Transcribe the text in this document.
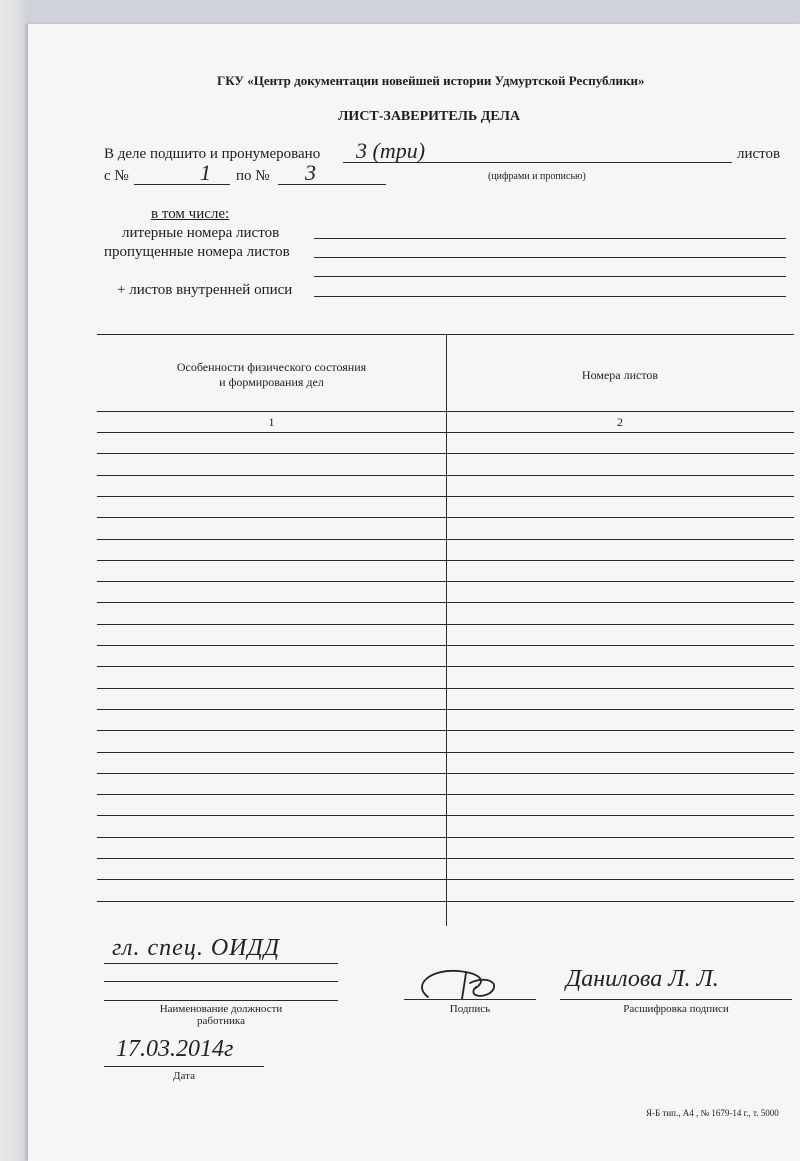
ГКУ «Центр документации новейшей истории Удмуртской Республики»
ЛИСТ-ЗАВЕРИТЕЛЬ ДЕЛА
В деле подшито и пронумеровано 3 (три)	листов
с №	1 по № 3	(цифрами и прописью)
в том числе:
литерные номера листов
пропущенные номера листов
+ листов внутренней описи
Особенности физического состояния
и формирования дел	Номера листов
1	2
гл. спец. ОИДД
Наименование должности
работника
Подпись
Данилова Л. Л.
Расшифровка подписи
17.03.2014г
Дата
Я-Б тип., А4 , № 1679-14 г., т. 5000
